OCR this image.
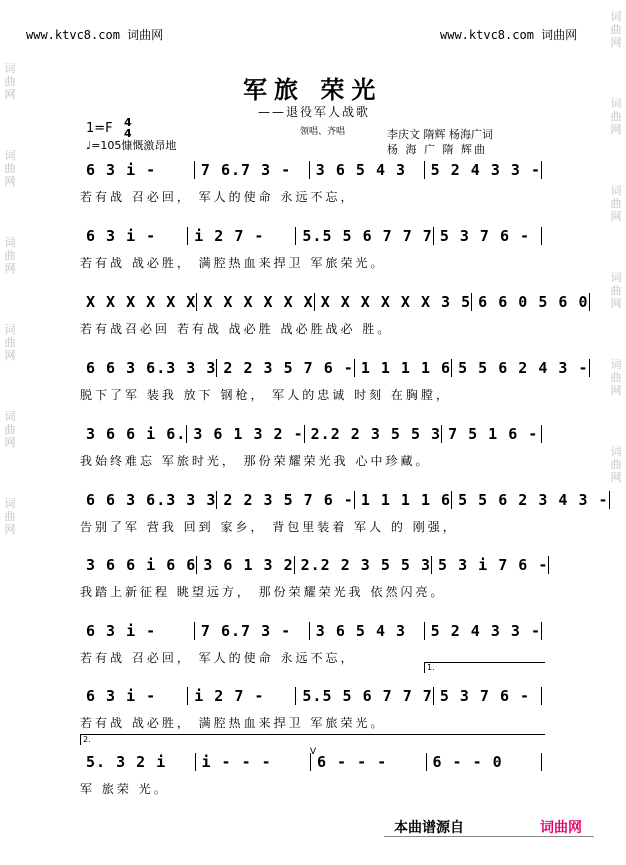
词
曲
网
词
曲
网
词
曲
网
词
曲
网
词
曲
网
词
曲
网
词
曲
网
词
曲
网
词
曲
网
词
曲
网
词
曲
网
词
曲
网
www.ktvc8.com 词曲网	www.ktvc8.com 词曲网
军旅 荣光
——退役军人战歌
1=F 4
4
♩=105慷慨激昂地
领唱、齐唱	李庆文 隋辉 杨海广词
杨 海 广 隋 辉曲
6 3 i -	7 6.7 3 -	3 6 5 4 3	5 2 4 3 3 -
若有战 召必回， 军人的使命 永远不忘，
6 3 i -	i 2 7 -	5.5 5 6 7 7 7 5 3 7 6 -
若有战 战必胜， 满腔热血来捍卫 军旅荣光。
X X X X X X X X X X X X X X X X X X 3 5 6 6 0 5 6 0
若有战召必回 若有战 战必胜 战必胜战必 胜。
6 6 3 6.3 3 3 2 2 3 5 7 6 - 1 1 1 1 6 5 5 6 2 4 3 -
脱下了军 装我 放下 钢枪， 军人的忠诚 时刻 在胸膛，
3 6 6 i 6. 3 6 1 3 2 - 2.2 2 3 5 5 3 7 5 1 6 -
我始终难忘 军旅时光， 那份荣耀荣光我 心中珍藏。
6 6 3 6.3 3 3 2 2 3 5 7 6 - 1 1 1 1 6 5 5 6 2 3 4 3 -
告别了军 营我 回到 家乡， 背包里装着 军人 的 刚强，
3 6 6 i 6 6 3 6 1 3 2 2.2 2 3 5 5 3 5 3 i 7 6 -
我踏上新征程 眺望远方， 那份荣耀荣光我 依然闪亮。
6 3 i -	7 6.7 3 -	3 6 5 4 3	5 2 4 3 3 -
若有战 召必回， 军人的使命 永远不忘，
6 3 i -	i 2 7 -	5.5 5 6 7 7 7 5 3 7 6 -
若有战 战必胜， 满腔热血来捍卫 军旅荣光。
5. 3 2 i	i - - -	6 - - -	6 - - 0
军 旅荣 光。
1.
2.
V
本曲谱源自	词曲网
